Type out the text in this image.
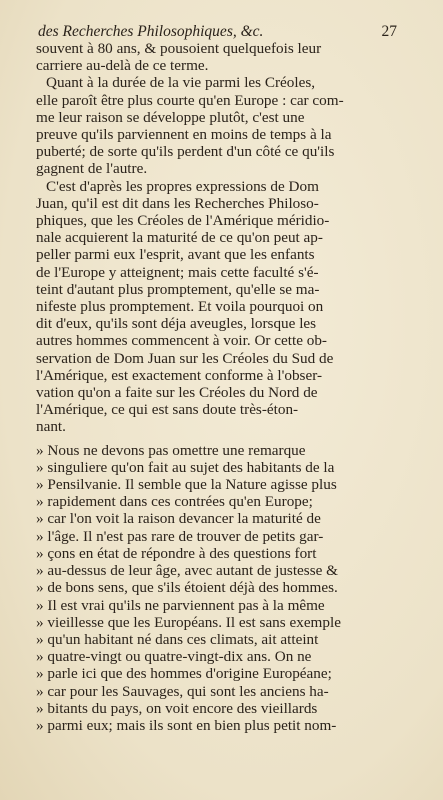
des Recherches Philosophiques, &c.	27
souvent à 80 ans, & pousoient quelquefois leur
carriere au-delà de ce terme.
Quant à la durée de la vie parmi les Créoles,
elle paroît être plus courte qu'en Europe : car com-
me leur raison se développe plutôt, c'est une
preuve qu'ils parviennent en moins de temps à la
puberté; de sorte qu'ils perdent d'un côté ce qu'ils
gagnent de l'autre.
C'est d'après les propres expressions de Dom
Juan, qu'il est dit dans les Recherches Philoso-
phiques, que les Créoles de l'Amérique méridio-
nale acquierent la maturité de ce qu'on peut ap-
peller parmi eux l'esprit, avant que les enfants
de l'Europe y atteignent; mais cette faculté s'é-
teint d'autant plus promptement, qu'elle se ma-
nifeste plus promptement. Et voila pourquoi on
dit d'eux, qu'ils sont déja aveugles, lorsque les
autres hommes commencent à voir. Or cette ob-
servation de Dom Juan sur les Créoles du Sud de
l'Amérique, est exactement conforme à l'obser-
vation qu'on a faite sur les Créoles du Nord de
l'Amérique, ce qui est sans doute très-éton-
nant.
» Nous ne devons pas omettre une remarque
» singuliere qu'on fait au sujet des habitants de la
» Pensilvanie. Il semble que la Nature agisse plus
» rapidement dans ces contrées qu'en Europe;
» car l'on voit la raison devancer la maturité de
» l'âge. Il n'est pas rare de trouver de petits gar-
» çons en état de répondre à des questions fort
» au-dessus de leur âge, avec autant de justesse &
» de bons sens, que s'ils étoient déjà des hommes.
» Il est vrai qu'ils ne parviennent pas à la même
» vieillesse que les Européans. Il est sans exemple
» qu'un habitant né dans ces climats, ait atteint
» quatre-vingt ou quatre-vingt-dix ans. On ne
» parle ici que des hommes d'origine Européane;
» car pour les Sauvages, qui sont les anciens ha-
» bitants du pays, on voit encore des vieillards
» parmi eux; mais ils sont en bien plus petit nom-
